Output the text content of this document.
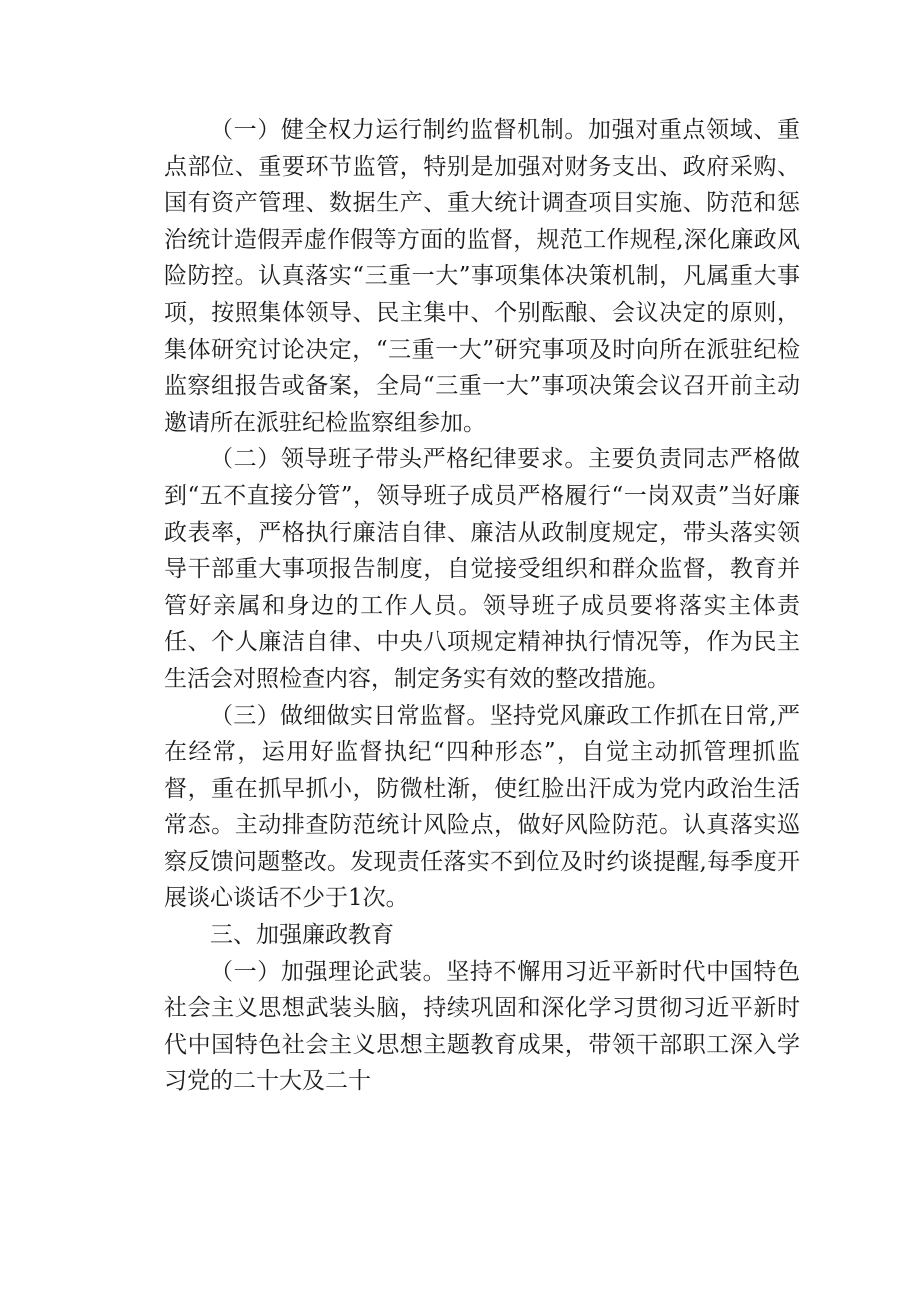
（一）健全权力运行制约监督机制。加强对重点领域、重点部位、重要环节监管，特别是加强对财务支出、政府采购、国有资产管理、数据生产、重大统计调查项目实施、防范和惩治统计造假弄虚作假等方面的监督，规范工作规程,深化廉政风险防控。认真落实“三重一大”事项集体决策机制，凡属重大事项，按照集体领导、民主集中、个别酝酿、会议决定的原则，集体研究讨论决定，“三重一大”研究事项及时向所在派驻纪检监察组报告或备案，全局“三重一大”事项决策会议召开前主动邀请所在派驻纪检监察组参加。

（二）领导班子带头严格纪律要求。主要负责同志严格做到“五不直接分管”，领导班子成员严格履行“一岗双责”当好廉政表率，严格执行廉洁自律、廉洁从政制度规定，带头落实领导干部重大事项报告制度，自觉接受组织和群众监督，教育并管好亲属和身边的工作人员。领导班子成员要将落实主体责任、个人廉洁自律、中央八项规定精神执行情况等，作为民主生活会对照检查内容，制定务实有效的整改措施。

（三）做细做实日常监督。坚持党风廉政工作抓在日常,严在经常，运用好监督执纪“四种形态”，自觉主动抓管理抓监督，重在抓早抓小，防微杜渐，使红脸出汗成为党内政治生活常态。主动排查防范统计风险点，做好风险防范。认真落实巡察反馈问题整改。发现责任落实不到位及时约谈提醒,每季度开展谈心谈话不少于1次。

三、加强廉政教育

（一）加强理论武装。坚持不懈用习近平新时代中国特色社会主义思想武装头脑，持续巩固和深化学习贯彻习近平新时代中国特色社会主义思想主题教育成果，带领干部职工深入学习党的二十大及二十
